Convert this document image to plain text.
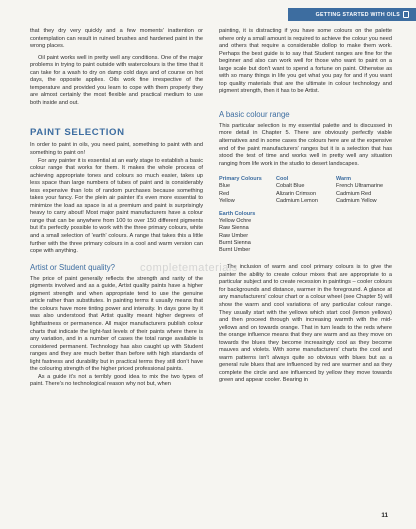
GETTING STARTED WITH OILS

that they dry very quickly and a few moments' inattention or contemplation can result in ruined brushes and hardened paint in the wrong places.

Oil paint works well in pretty well any conditions. One of the major problems in trying to paint outside with watercolours is the time that it can take for a wash to dry on damp cold days and of course on hot days, the opposite applies. Oils work fine irrespective of the temperature and provided you learn to cope with them properly they are almost certainly the most flexible and practical medium to use both inside and out.

PAINT SELECTION

In order to paint in oils, you need paint, something to paint with and something to paint on!

For any painter it is essential at an early stage to establish a basic colour range that works for them. It makes the whole process of achieving appropriate tones and colours so much easier, takes up less space than large numbers of tubes of paint and is considerably less expensive than lots of random purchases because something takes your fancy. For the plein air painter it's even more essential to minimize the load as space is at a premium and paint is surprisingly heavy to carry about! Most major paint manufacturers have a colour range that can be anywhere from 100 to over 150 different pigments but it's perfectly possible to work with the three primary colours, white and a small selection of 'earth' colours. A range that takes this a little further with the three primary colours in a cool and warm version can cope with anything.

Artist or Student quality?

The price of paint generally reflects the strength and rarity of the pigments involved and as a guide, Artist quality paints have a higher pigment strength and when appropriate tend to use the genuine article rather than substitutes. In painting terms it usually means that the colours have more tinting power and intensity. In days gone by it was also understood that Artist quality meant higher degrees of lightfastness or permanence. All major manufacturers publish colour charts that indicate the light-fast levels of their paints where there is any variation, and in a number of cases the total range available is considered permanent. Technology has also caught up with Student ranges and they are much better than before with high standards of light fastness and durability but in practical terms they still don't have the colouring strength of the higher priced professional paints.

As a guide it's not a terribly good idea to mix the two types of paint. There's no technological reason why not but, when

painting, it is distracting if you have some colours on the palette where only a small amount is required to achieve the colour you need and others that require a considerable dollop to make them work. Perhaps the best guide is to say that Student ranges are fine for the beginner and also can work well for those who want to paint on a large scale but don't want to spend a fortune on paint. Otherwise as with so many things in life you get what you pay for and if you want top quality materials that are the ultimate in colour technology and pigment strength, then it has to be Artist.

A basic colour range

This particular selection is my essential palette and is discussed in more detail in Chapter 5. There are obviously perfectly viable alternatives and in some cases the colours here are at the expensive end of the paint manufacturers' ranges but it is a selection that has stood the test of time and works well in pretty well any situation ranging from life work in the studio to desert landscapes.

Primary Colours	Cool	Warm
Blue	Cobalt Blue	French Ultramarine
Red	Alizarin Crimson	Cadmium Red
Yellow	Cadmium Lemon	Cadmium Yellow
Earth Colours
Yellow Ochre
Raw Sienna
Raw Umber
Burnt Sienna
Burnt Umber

The inclusion of warm and cool primary colours is to give the painter the ability to create colour mixes that are appropriate to a particular subject and to create recession in paintings – cooler colours for backgrounds and distance, warmer in the foreground. A glance at any manufacturers' colour chart or a colour wheel (see Chapter 5) will show the warm and cool variations of any particular colour range. They usually start with the yellows which start cool (lemon yellows) and then proceed through with increasing warmth with the mid-yellows and on towards orange. That in turn leads to the reds where the orange influence means that they are warm and as they move on towards the blues they become increasingly cool as they become mauves and violets. With some manufacturers' charts the cool and warm patterns isn't always quite so obvious with blues but as a general rule blues that are influenced by red are warmer and as they complete the circle and are influenced by yellow they move towards green and appear cooler. Bearing in

completematerials
11
